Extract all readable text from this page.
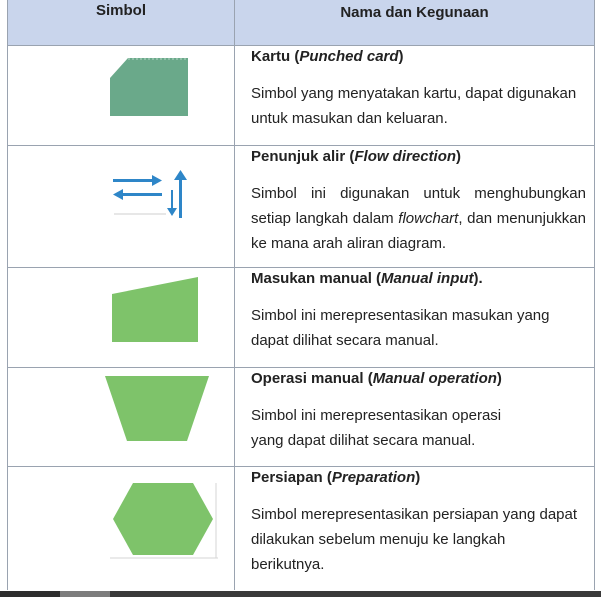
Simbol	Nama dan Kegunaan
Kartu (Punched card)
Simbol yang menyatakan kartu, dapat digunakan untuk masukan dan keluaran.
Penunjuk alir (Flow direction)
Simbol ini digunakan untuk menghubungkan setiap langkah dalam flowchart, dan menunjukkan ke mana arah aliran diagram.
Masukan manual (Manual input).
Simbol ini merepresentasikan masukan yang dapat dilihat secara manual.
Operasi manual (Manual operation)
Simbol ini merepresentasikan operasi
yang dapat dilihat secara manual.
Persiapan (Preparation)
Simbol merepresentasikan persiapan yang dapat dilakukan sebelum menuju ke langkah berikutnya.
